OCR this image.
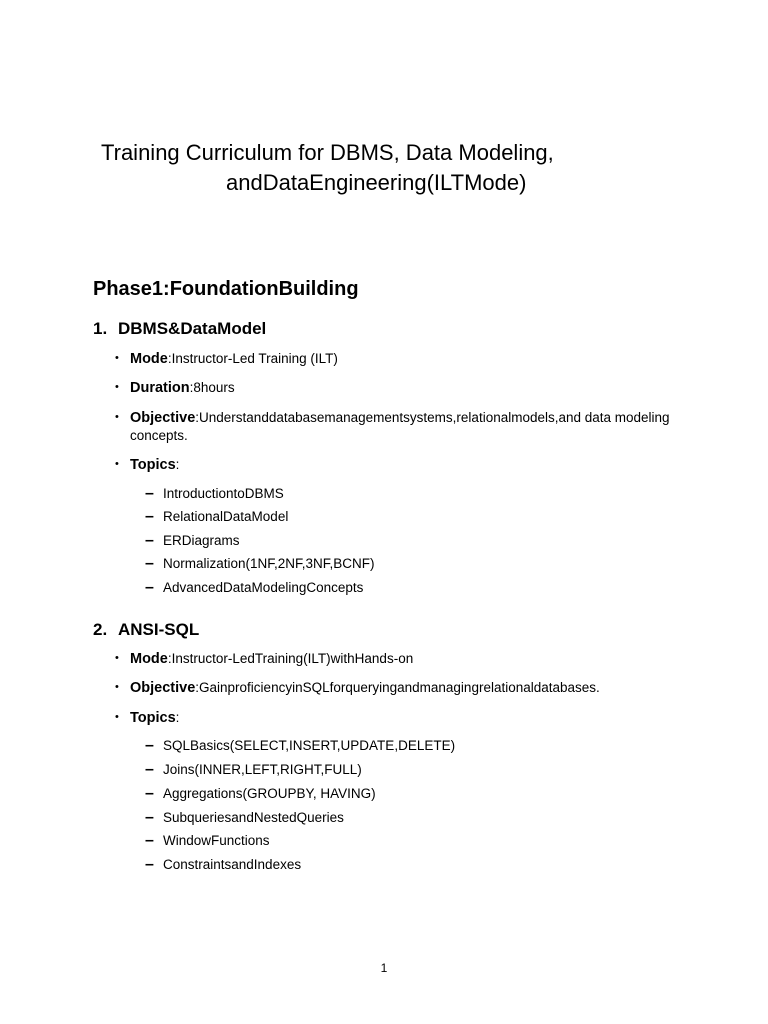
Training Curriculum for DBMS, Data Modeling,
andDataEngineering(ILTMode)
Phase1:FoundationBuilding
1. DBMS&DataModel
• Mode:Instructor-Led Training (ILT)
• Duration:8hours
• Objective:Understanddatabasemanagementsystems,relationalmodels,and data modeling concepts.
• Topics:
– IntroductiontoDBMS
– RelationalDataModel
– ERDiagrams
– Normalization(1NF,2NF,3NF,BCNF)
– AdvancedDataModelingConcepts
2. ANSI-SQL
• Mode:Instructor-LedTraining(ILT)withHands-on
• Objective:GainproficiencyinSQLforqueryingandmanagingrelationaldatabases.
• Topics:
– SQLBasics(SELECT,INSERT,UPDATE,DELETE)
– Joins(INNER,LEFT,RIGHT,FULL)
– Aggregations(GROUPBY, HAVING)
– SubqueriesandNestedQueries
– WindowFunctions
– ConstraintsandIndexes
1
